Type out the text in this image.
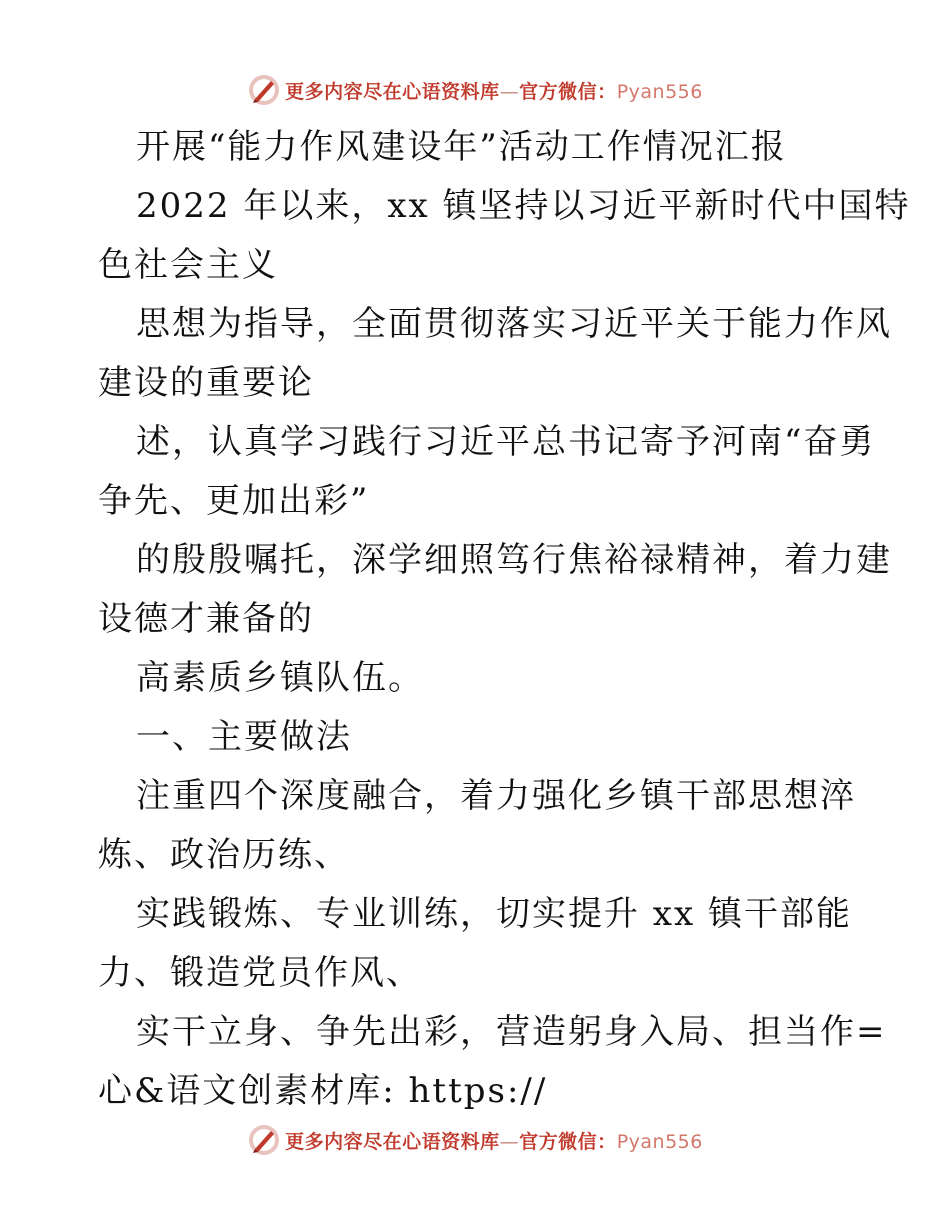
更多内容尽在心语资料库—官方微信：Pyan556
开展“能力作风建设年”活动工作情况汇报
2022 年以来，xx 镇坚持以习近平新时代中国特
色社会主义
思想为指导，全面贯彻落实习近平关于能力作风
建设的重要论
述，认真学习践行习近平总书记寄予河南“奋勇
争先、更加出彩”
的殷殷嘱托，深学细照笃行焦裕禄精神，着力建
设德才兼备的
高素质乡镇队伍。
一、主要做法
注重四个深度融合，着力强化乡镇干部思想淬
炼、政治历练、
实践锻炼、专业训练，切实提升 xx 镇干部能
力、锻造党员作风、
实干立身、争先出彩，营造躬身入局、担当作=
心&语文创素材库: https://
更多内容尽在心语资料库—官方微信：Pyan556
